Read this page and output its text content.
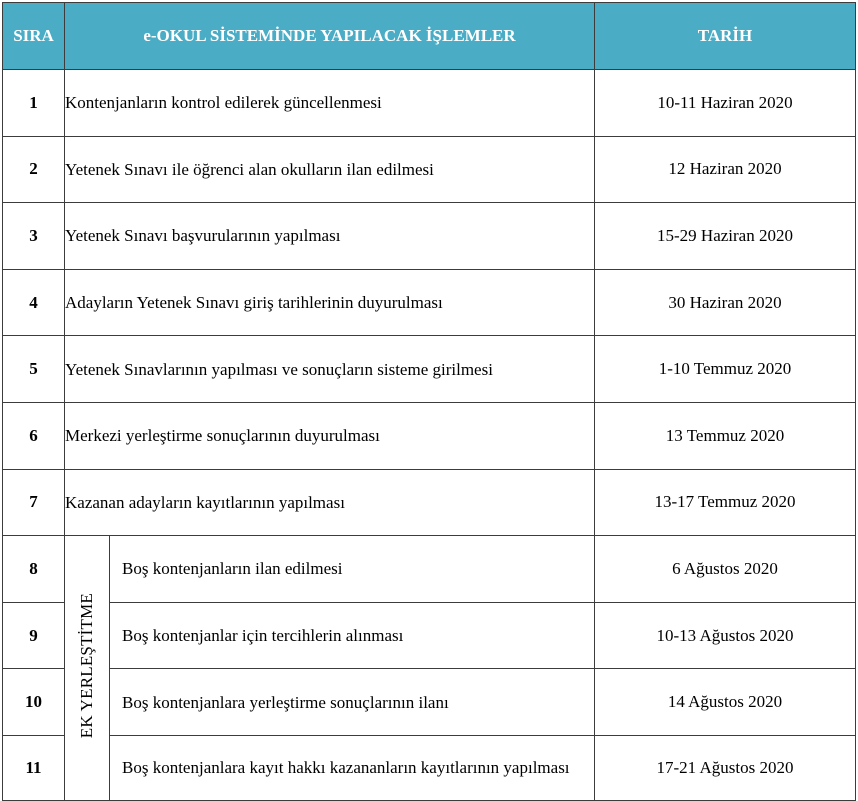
SIRA	e-OKUL SİSTEMİNDE YAPILACAK İŞLEMLER		TARİH
1	Kontenjanların kontrol edilerek güncellenmesi		10-11 Haziran 2020
2	Yetenek Sınavı ile öğrenci alan okulların ilan edilmesi		12 Haziran 2020
3	Yetenek Sınavı başvurularının yapılması		15-29 Haziran 2020
4	Adayların Yetenek Sınavı giriş tarihlerinin duyurulması		30 Haziran 2020
5	Yetenek Sınavlarının yapılması ve sonuçların sisteme girilmesi		1-10 Temmuz 2020
6	Merkezi yerleştirme sonuçlarının duyurulması		13 Temmuz 2020
7	Kazanan adayların kayıtlarının yapılması		13-17 Temmuz 2020
8	EK YERLEŞTİTME	Boş kontenjanların ilan edilmesi	6 Ağustos 2020
9		Boş kontenjanlar için tercihlerin alınması	10-13 Ağustos 2020
10		Boş kontenjanlara yerleştirme sonuçlarının ilanı	14 Ağustos 2020
11		Boş kontenjanlara kayıt hakkı kazananların kayıtlarının yapılması	17-21 Ağustos 2020
